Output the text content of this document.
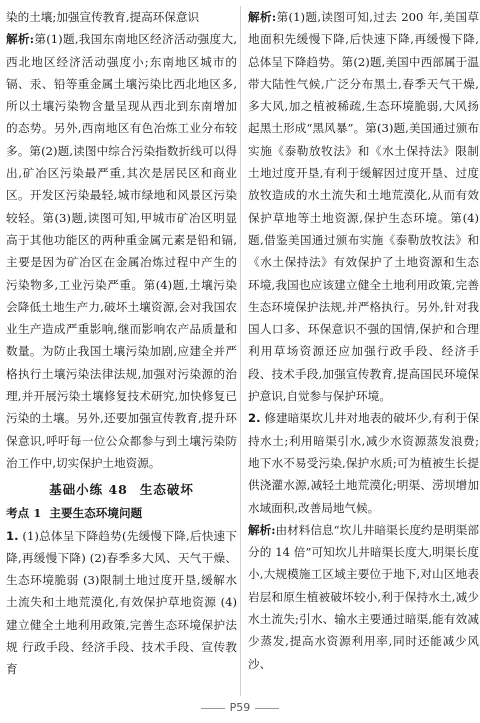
染的土壤;加强宣传教育,提高环保意识

解析:第(1)题,我国东南地区经济活动强度大,西北地区经济活动强度小;东南地区城市的镉、汞、铅等重金属土壤污染比西北地区多,所以土壤污染物含量呈现从西北到东南增加的态势。另外,西南地区有色冶炼工业分布较多。第(2)题,读图中综合污染指数折线可以得出,矿冶区污染最严重,其次是居民区和商业区。开发区污染最轻,城市绿地和风景区污染较轻。第(3)题,读图可知,甲城市矿冶区明显高于其他功能区的两种重金属元素是铅和镉,主要是因为矿冶区在金属冶炼过程中产生的污染物多,工业污染严重。第(4)题,土壤污染会降低土地生产力,破坏土壤资源,会对我国农业生产造成严重影响,继而影响农产品质量和数量。为防止我国土壤污染加剧,应建全并严格执行土壤污染法律法规,加强对污染源的治理,并开展污染土壤修复技术研究,加快修复已污染的土壤。另外,还要加强宣传教育,提升环保意识,呼吁每一位公众都参与到土壤污染防治工作中,切实保护土地资源。

基础小练 48 生态破坏

考点 1 主要生态环境问题

1. (1)总体呈下降趋势(先缓慢下降,后快速下降,再缓慢下降) (2)春季多大风、天气干燥、生态环境脆弱 (3)限制土地过度开垦,缓解水土流失和土地荒漠化,有效保护草地资源 (4)建立健全土地利用政策,完善生态环境保护法规 行政手段、经济手段、技术手段、宣传教育

解析:第(1)题,读图可知,过去 200 年,美国草地面积先缓慢下降,后快速下降,再缓慢下降,总体呈下降趋势。第(2)题,美国中西部属于温带大陆性气候,广泛分布黑土,春季天气干燥,多大风,加之植被稀疏,生态环境脆弱,大风扬起黑土形成“黑风暴”。第(3)题,美国通过颁布实施《泰勒放牧法》和《水土保持法》限制土地过度开垦,有利于缓解因过度开垦、过度放牧造成的水土流失和土地荒漠化,从而有效保护草地等土地资源,保护生态环境。第(4)题,借鉴美国通过颁布实施《泰勒放牧法》和《水土保持法》有效保护了土地资源和生态环境,我国也应该建立健全土地利用政策,完善生态环境保护法规,并严格执行。另外,针对我国人口多、环保意识不强的国情,保护和合理利用草场资源还应加强行政手段、经济手段、技术手段,加强宣传教育,提高国民环境保护意识,自觉参与保护环境。

2. 修建暗渠坎儿井对地表的破坏少,有利于保持水土;利用暗渠引水,减少水资源蒸发浪费;地下水不易受污染,保护水质;可为植被生长提供浇灌水源,减轻土地荒漠化;明渠、涝坝增加水域面积,改善局地气候。

解析:由材料信息“坎儿井暗渠长度约是明渠部分的 14 倍”可知坎儿井暗渠长度大,明渠长度小,大规模施工区域主要位于地下,对山区地表岩层和原生植被破坏较小,利于保持水土,减少水土流失;引水、输水主要通过暗渠,能有效减少蒸发,提高水资源利用率,同时还能减少风沙、

P59
